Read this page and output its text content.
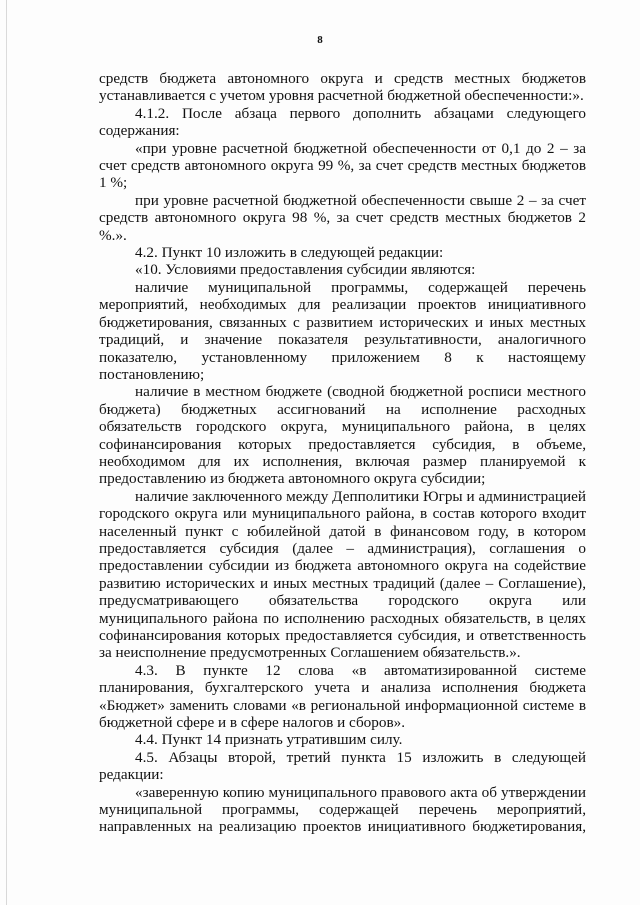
8

средств бюджета автономного округа и средств местных бюджетов устанавливается с учетом уровня расчетной бюджетной обеспеченности:».

4.1.2. После абзаца первого дополнить абзацами следующего содержания:

«при уровне расчетной бюджетной обеспеченности от 0,1 до 2 – за счет средств автономного округа 99 %, за счет средств местных бюджетов 1 %;

при уровне расчетной бюджетной обеспеченности свыше 2 – за счет средств автономного округа 98 %, за счет средств местных бюджетов 2 %.».

4.2. Пункт 10 изложить в следующей редакции:

«10. Условиями предоставления субсидии являются:

наличие муниципальной программы, содержащей перечень мероприятий, необходимых для реализации проектов инициативного бюджетирования, связанных с развитием исторических и иных местных традиций, и значение показателя результативности, аналогичного показателю, установленному приложением 8 к настоящему постановлению;

наличие в местном бюджете (сводной бюджетной росписи местного бюджета) бюджетных ассигнований на исполнение расходных обязательств городского округа, муниципального района, в целях софинансирования которых предоставляется субсидия, в объеме, необходимом для их исполнения, включая размер планируемой к предоставлению из бюджета автономного округа субсидии;

наличие заключенного между Депполитики Югры и администрацией городского округа или муниципального района, в состав которого входит населенный пункт с юбилейной датой в финансовом году, в котором предоставляется субсидия (далее – администрация), соглашения о предоставлении субсидии из бюджета автономного округа на содействие развитию исторических и иных местных традиций (далее – Соглашение), предусматривающего обязательства городского округа или муниципального района по исполнению расходных обязательств, в целях софинансирования которых предоставляется субсидия, и ответственность за неисполнение предусмотренных Соглашением обязательств.».

4.3. В пункте 12 слова «в автоматизированной системе планирования, бухгалтерского учета и анализа исполнения бюджета «Бюджет» заменить словами «в региональной информационной системе в бюджетной сфере и в сфере налогов и сборов».

4.4. Пункт 14 признать утратившим силу.

4.5. Абзацы второй, третий пункта 15 изложить в следующей редакции:

«заверенную копию муниципального правового акта об утверждении муниципальной программы, содержащей перечень мероприятий, направленных на реализацию проектов инициативного бюджетирования,
